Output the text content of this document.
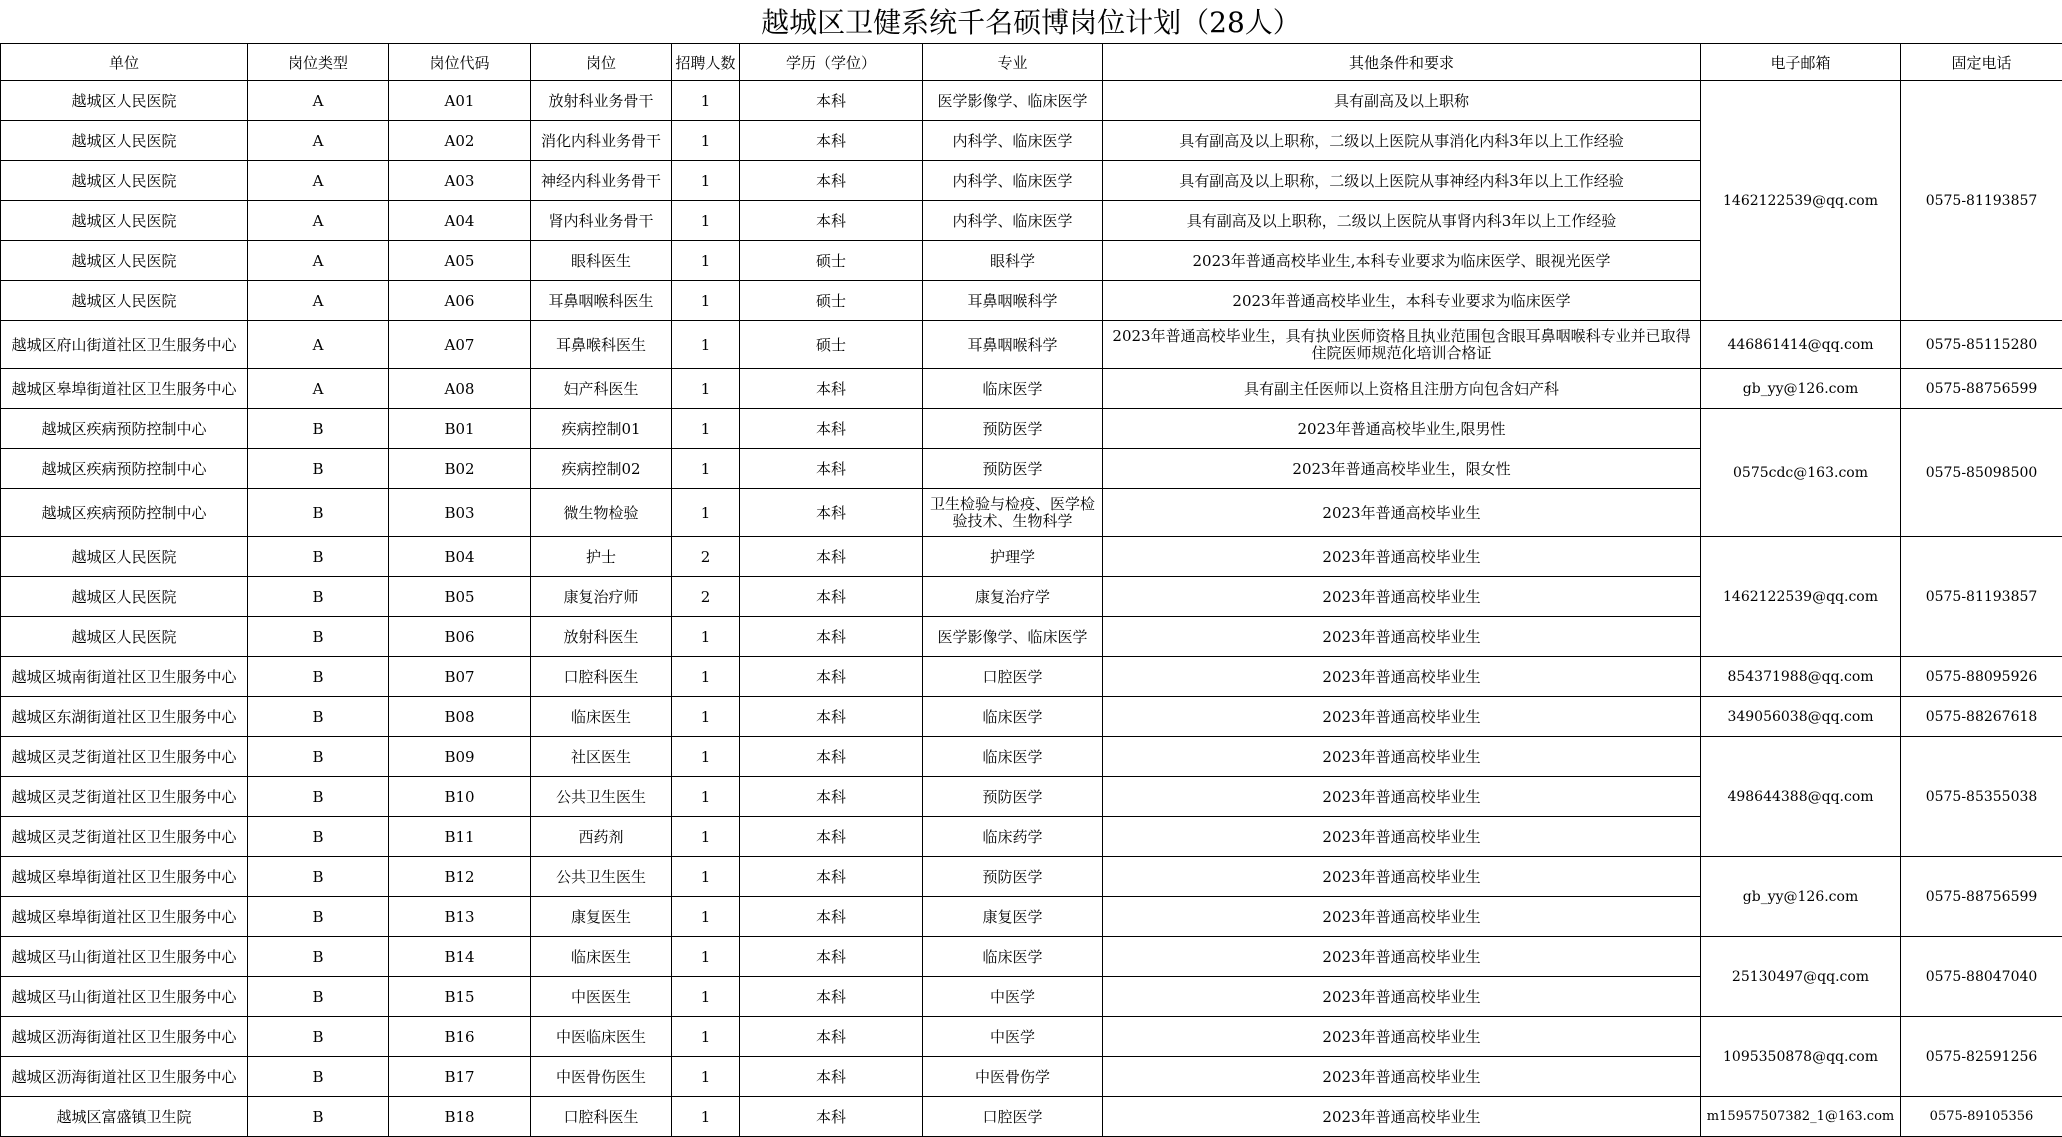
越城区卫健系统千名硕博岗位计划（28人）
单位	岗位类型	岗位代码	岗位	招聘人数	学历（学位）	专业	其他条件和要求	电子邮箱	固定电话
越城区人民医院	A	A01	放射科业务骨干	1	本科	医学影像学、临床医学	具有副高及以上职称	1462122539@qq.com	0575-81193857
越城区人民医院	A	A02	消化内科业务骨干	1	本科	内科学、临床医学	具有副高及以上职称，二级以上医院从事消化内科3年以上工作经验		
越城区人民医院	A	A03	神经内科业务骨干	1	本科	内科学、临床医学	具有副高及以上职称，二级以上医院从事神经内科3年以上工作经验		
越城区人民医院	A	A04	肾内科业务骨干	1	本科	内科学、临床医学	具有副高及以上职称，二级以上医院从事肾内科3年以上工作经验		
越城区人民医院	A	A05	眼科医生	1	硕士	眼科学	2023年普通高校毕业生,本科专业要求为临床医学、眼视光医学		
越城区人民医院	A	A06	耳鼻咽喉科医生	1	硕士	耳鼻咽喉科学	2023年普通高校毕业生，本科专业要求为临床医学		
越城区府山街道社区卫生服务中心	A	A07	耳鼻喉科医生	1	硕士	耳鼻咽喉科学	2023年普通高校毕业生，具有执业医师资格且执业范围包含眼耳鼻咽喉科专业并已取得住院医师规范化培训合格证	446861414@qq.com	0575-85115280
越城区皋埠街道社区卫生服务中心	A	A08	妇产科医生	1	本科	临床医学	具有副主任医师以上资格且注册方向包含妇产科	gb_yy@126.com	0575-88756599
越城区疾病预防控制中心	B	B01	疾病控制01	1	本科	预防医学	2023年普通高校毕业生,限男性	0575cdc@163.com	0575-85098500
越城区疾病预防控制中心	B	B02	疾病控制02	1	本科	预防医学	2023年普通高校毕业生，限女性		
越城区疾病预防控制中心	B	B03	微生物检验	1	本科	卫生检验与检疫、医学检验技术、生物科学	2023年普通高校毕业生		
越城区人民医院	B	B04	护士	2	本科	护理学	2023年普通高校毕业生	1462122539@qq.com	0575-81193857
越城区人民医院	B	B05	康复治疗师	2	本科	康复治疗学	2023年普通高校毕业生		
越城区人民医院	B	B06	放射科医生	1	本科	医学影像学、临床医学	2023年普通高校毕业生		
越城区城南街道社区卫生服务中心	B	B07	口腔科医生	1	本科	口腔医学	2023年普通高校毕业生	854371988@qq.com	0575-88095926
越城区东湖街道社区卫生服务中心	B	B08	临床医生	1	本科	临床医学	2023年普通高校毕业生	349056038@qq.com	0575-88267618
越城区灵芝街道社区卫生服务中心	B	B09	社区医生	1	本科	临床医学	2023年普通高校毕业生	498644388@qq.com	0575-85355038
越城区灵芝街道社区卫生服务中心	B	B10	公共卫生医生	1	本科	预防医学	2023年普通高校毕业生		
越城区灵芝街道社区卫生服务中心	B	B11	西药剂	1	本科	临床药学	2023年普通高校毕业生		
越城区皋埠街道社区卫生服务中心	B	B12	公共卫生医生	1	本科	预防医学	2023年普通高校毕业生	gb_yy@126.com	0575-88756599
越城区皋埠街道社区卫生服务中心	B	B13	康复医生	1	本科	康复医学	2023年普通高校毕业生		
越城区马山街道社区卫生服务中心	B	B14	临床医生	1	本科	临床医学	2023年普通高校毕业生	25130497@qq.com	0575-88047040
越城区马山街道社区卫生服务中心	B	B15	中医医生	1	本科	中医学	2023年普通高校毕业生		
越城区沥海街道社区卫生服务中心	B	B16	中医临床医生	1	本科	中医学	2023年普通高校毕业生	1095350878@qq.com	0575-82591256
越城区沥海街道社区卫生服务中心	B	B17	中医骨伤医生	1	本科	中医骨伤学	2023年普通高校毕业生		
越城区富盛镇卫生院	B	B18	口腔科医生	1	本科	口腔医学	2023年普通高校毕业生	m15957507382_1@163.com	0575-89105356
